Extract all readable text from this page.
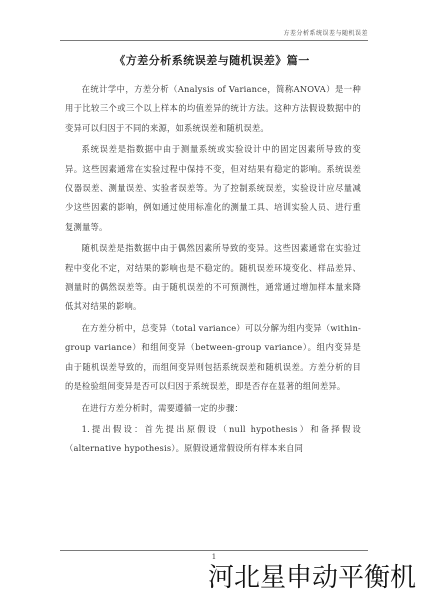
方差分析系统误差与随机误差
《方差分析系统误差与随机误差》篇一

在统计学中，方差分析（Analysis of Variance，简称ANOVA）是一种用于比较三个或三个以上样本的均值差异的统计方法。这种方法假设数据中的变异可以归因于不同的来源，如系统误差和随机误差。

系统误差是指数据中由于测量系统或实验设计中的固定因素所导致的变异。这些因素通常在实验过程中保持不变，但对结果有稳定的影响。系统误差仪器误差、测量误差、实验者误差等。为了控制系统误差，实验设计应尽量减少这些因素的影响，例如通过使用标准化的测量工具、培训实验人员、进行重复测量等。

随机误差是指数据中由于偶然因素所导致的变异。这些因素通常在实验过程中变化不定，对结果的影响也是不稳定的。随机误差环境变化、样品差异、测量时的偶然误差等。由于随机误差的不可预测性，通常通过增加样本量来降低其对结果的影响。

在方差分析中，总变异（total variance）可以分解为组内变异（within-group variance）和组间变异（between-group variance）。组内变异是由于随机误差导致的，而组间变异则包括系统误差和随机误差。方差分析的目的是检验组间变异是否可以归因于系统误差，即是否存在显著的组间差异。

在进行方差分析时，需要遵循一定的步骤：

1.提出假设：首先提出原假设（null hypothesis）和备择假设（alternative hypothesis）。原假设通常假设所有样本来自同

1
河北星申动平衡机
